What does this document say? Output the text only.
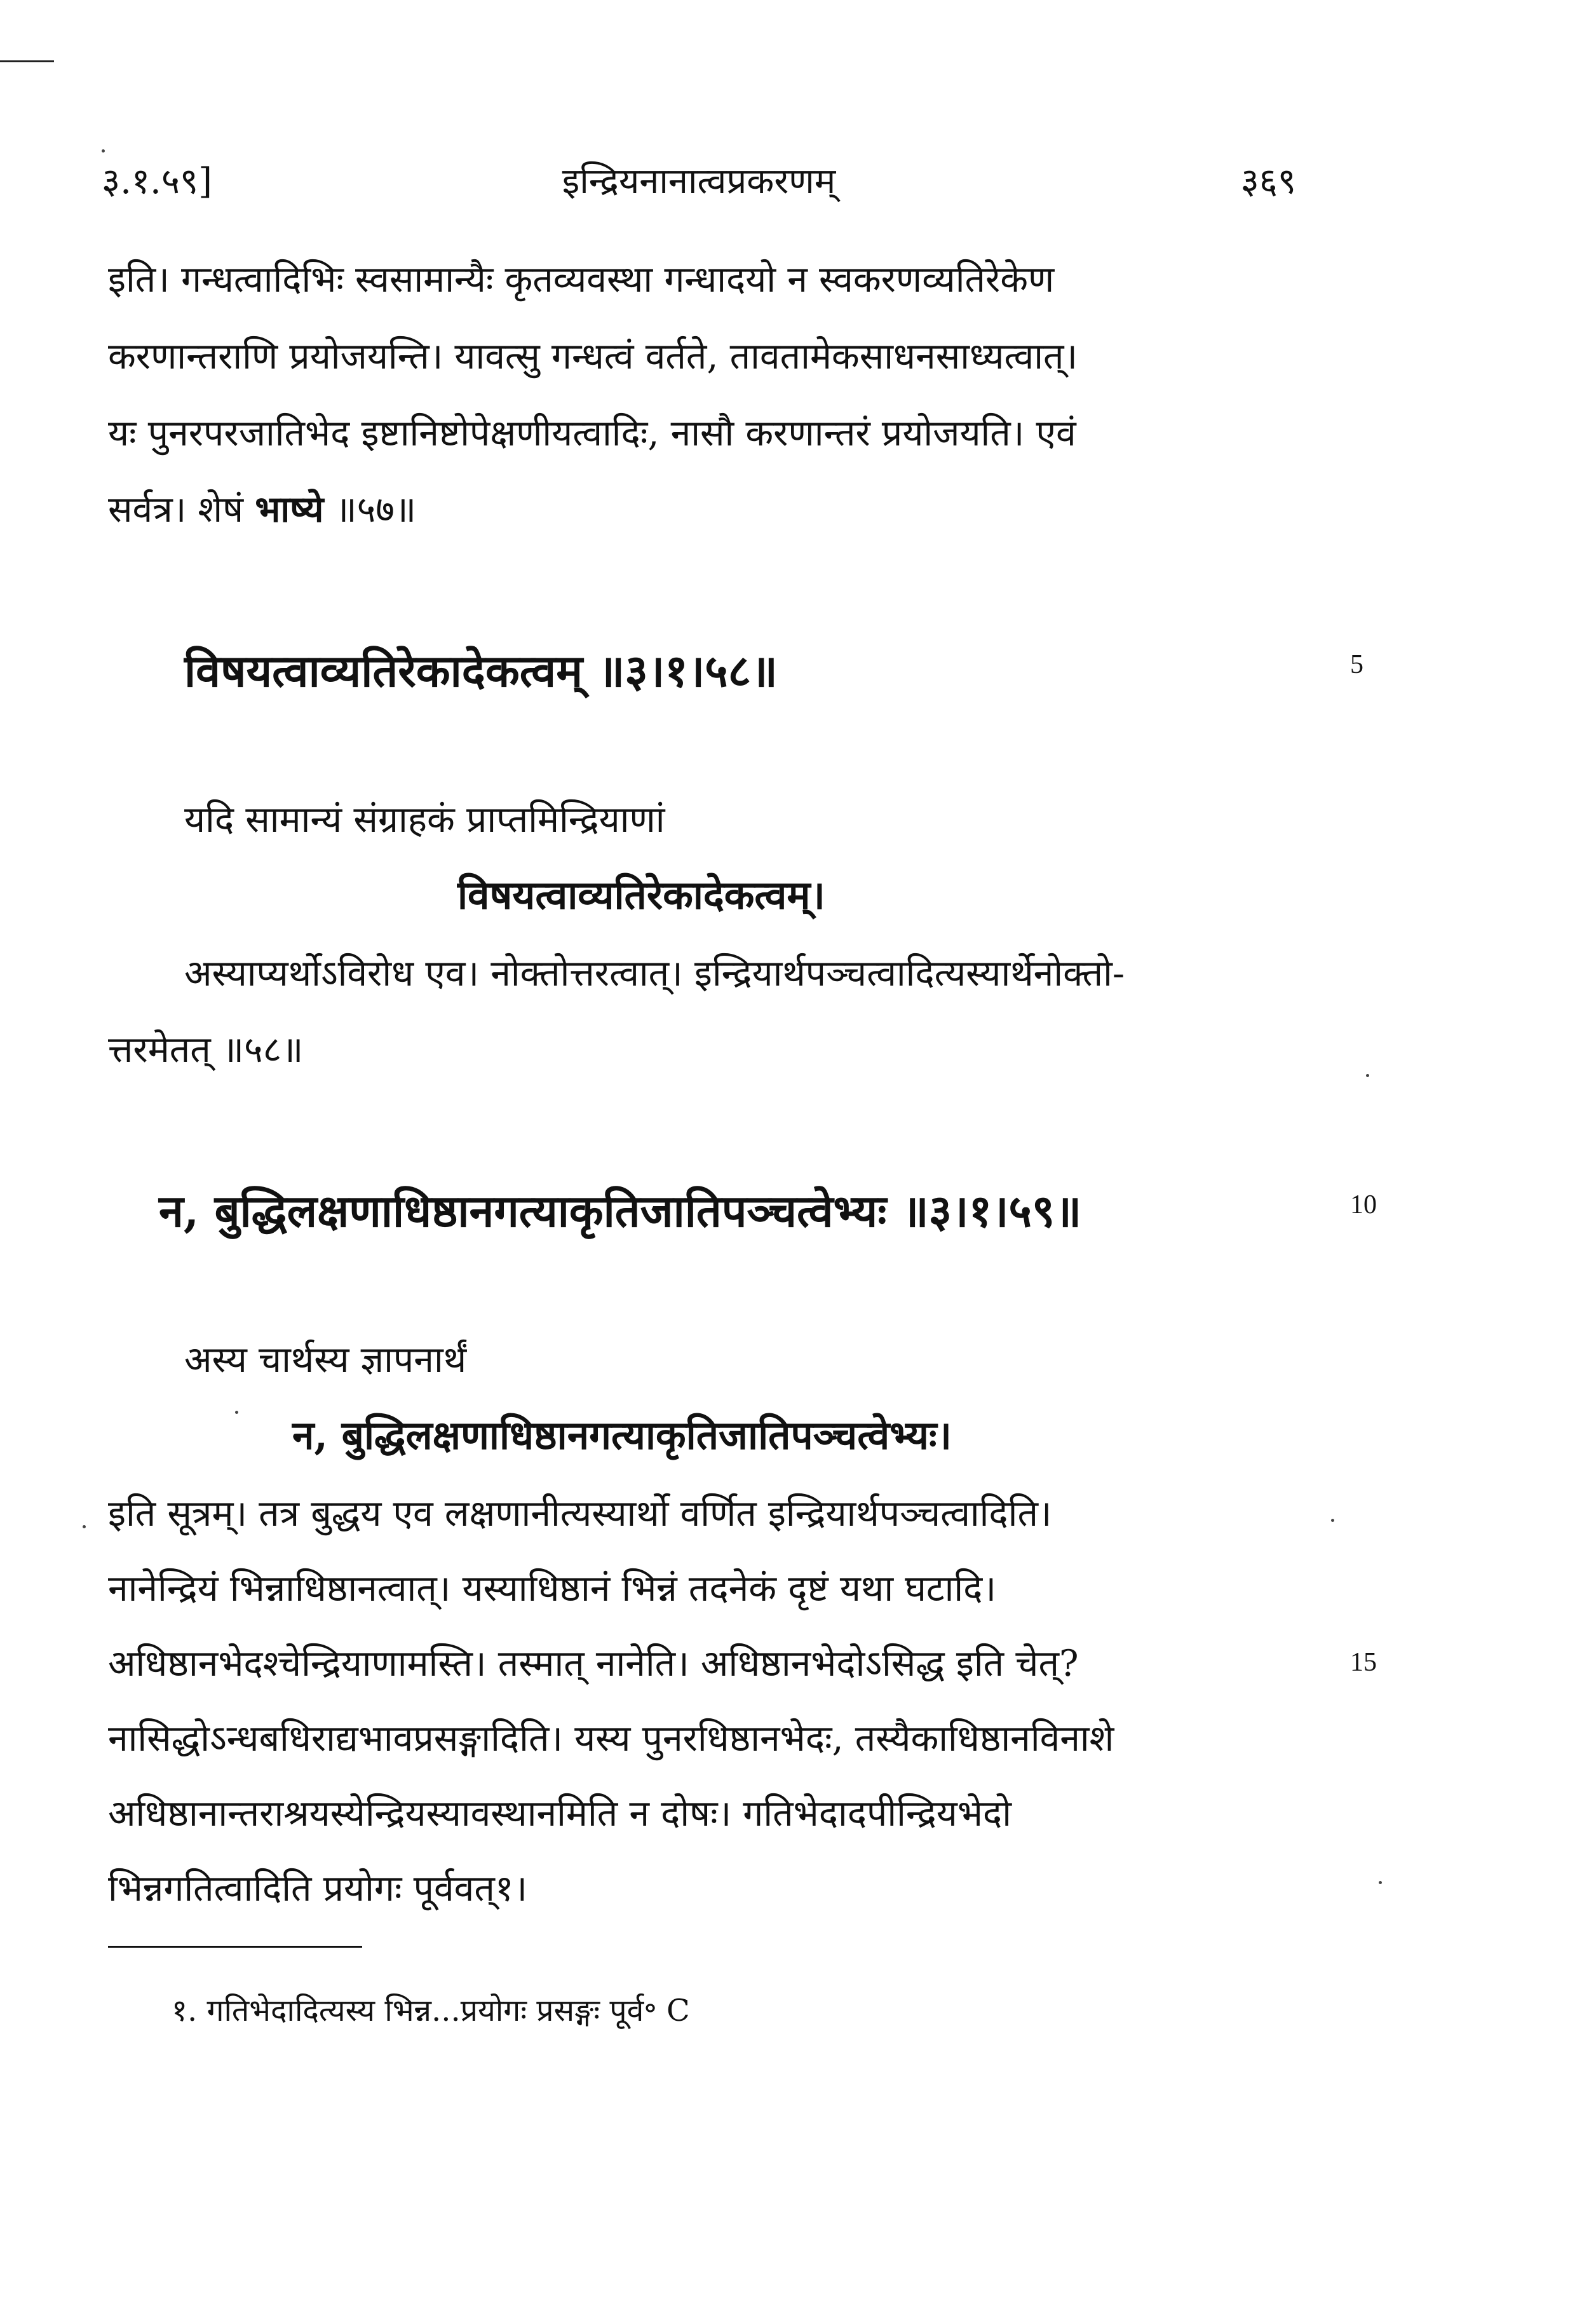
३.१.५९]	इन्द्रियनानात्वप्रकरणम्	३६९
इति। गन्धत्वादिभिः स्वसामान्यैः कृतव्यवस्था गन्धादयो न स्वकरणव्यतिरेकेण
करणान्तराणि प्रयोजयन्ति। यावत्सु गन्धत्वं वर्तते, तावतामेकसाधनसाध्यत्वात्।
यः पुनरपरजातिभेद इष्टानिष्टोपेक्षणीयत्वादिः, नासौ करणान्तरं प्रयोजयति। एवं
सर्वत्र। शेषं भाष्ये ॥५७॥
विषयत्वाव्यतिरेकादेकत्वम् ॥३।१।५८॥	5
यदि सामान्यं संग्राहकं प्राप्तमिन्द्रियाणां
विषयत्वाव्यतिरेकादेकत्वम्।
अस्याप्यर्थोऽविरोध एव। नोक्तोत्तरत्वात्। इन्द्रियार्थपञ्चत्वादित्यस्यार्थेनोक्तो-
त्तरमेतत् ॥५८॥
न, बुद्धिलक्षणाधिष्ठानगत्याकृतिजातिपञ्चत्वेभ्यः ॥३।१।५९॥	10
अस्य चार्थस्य ज्ञापनार्थं
न, बुद्धिलक्षणाधिष्ठानगत्याकृतिजातिपञ्चत्वेभ्यः।
इति सूत्रम्। तत्र बुद्धय एव लक्षणानीत्यस्यार्थो वर्णित इन्द्रियार्थपञ्चत्वादिति।
नानेन्द्रियं भिन्नाधिष्ठानत्वात्। यस्याधिष्ठानं भिन्नं तदनेकं दृष्टं यथा घटादि।
अधिष्ठानभेदश्चेन्द्रियाणामस्ति। तस्मात् नानेति। अधिष्ठानभेदोऽसिद्ध इति चेत्?	15
नासिद्धोऽन्धबधिराद्यभावप्रसङ्गादिति। यस्य पुनरधिष्ठानभेदः, तस्यैकाधिष्ठानविनाशे
अधिष्ठानान्तराश्रयस्येन्द्रियस्यावस्थानमिति न दोषः। गतिभेदादपीन्द्रियभेदो
भिन्नगतित्वादिति प्रयोगः पूर्ववत्१।
१. गतिभेदादित्यस्य भिन्न...प्रयोगः प्रसङ्गः पूर्व॰ C
